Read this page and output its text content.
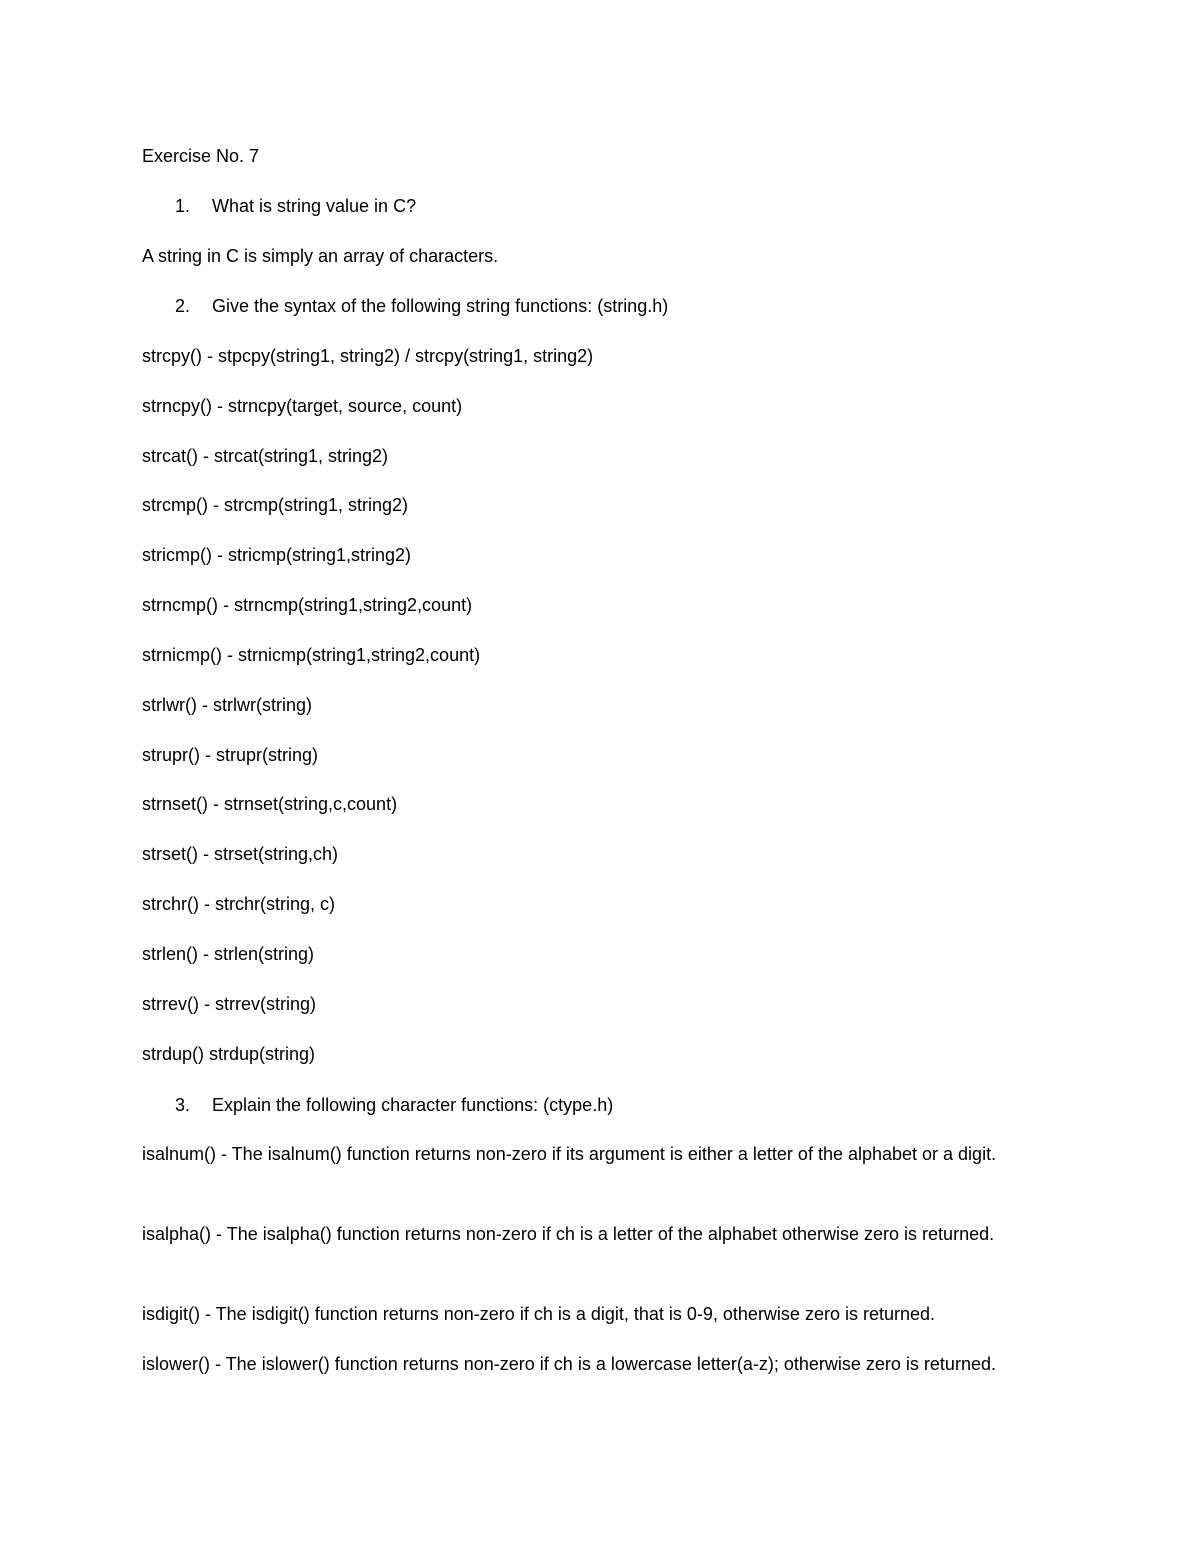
Exercise No. 7
1. What is string value in C?
A string in C is simply an array of characters.
2. Give the syntax of the following string functions: (string.h)
strcpy() - stpcpy(string1, string2) / strcpy(string1, string2)
strncpy() - strncpy(target, source, count)
strcat() - strcat(string1, string2)
strcmp() - strcmp(string1, string2)
stricmp() - stricmp(string1,string2)
strncmp() - strncmp(string1,string2,count)
strnicmp() - strnicmp(string1,string2,count)
strlwr() - strlwr(string)
strupr() - strupr(string)
strnset() - strnset(string,c,count)
strset() - strset(string,ch)
strchr() - strchr(string, c)
strlen() - strlen(string)
strrev() - strrev(string)
strdup() strdup(string)
3. Explain the following character functions: (ctype.h)
isalnum() - The isalnum() function returns non-zero if its argument is either a letter of the alphabet or a digit.
isalpha() - The isalpha() function returns non-zero if ch is a letter of the alphabet otherwise zero is returned.
isdigit() - The isdigit() function returns non-zero if ch is a digit, that is 0-9, otherwise zero is returned.
islower() - The islower() function returns non-zero if ch is a lowercase letter(a-z); otherwise zero is returned.
